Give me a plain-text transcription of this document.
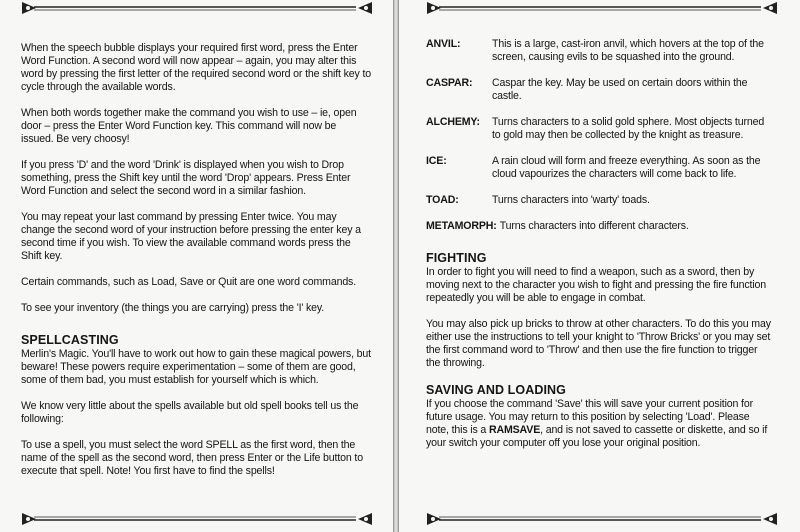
When the speech bubble displays your required first word, press the Enter Word Function. A second word will now appear – again, you may alter this word by pressing the first letter of the required second word or the shift key to cycle through the available words.

When both words together make the command you wish to use – ie, open door – press the Enter Word Function key. This command will now be issued. Be very choosy!

If you press 'D' and the word 'Drink' is displayed when you wish to Drop something, press the Shift key until the word 'Drop' appears. Press Enter Word Function and select the second word in a similar fashion.

You may repeat your last command by pressing Enter twice. You may change the second word of your instruction before pressing the enter key a second time if you wish. To view the available command words press the Shift key.

Certain commands, such as Load, Save or Quit are one word commands.

To see your inventory (the things you are carrying) press the 'I' key.

SPELLCASTING

Merlin's Magic. You'll have to work out how to gain these magical powers, but beware! These powers require experimentation – some of them are good, some of them bad, you must establish for yourself which is which.

We know very little about the spells available but old spell books tell us the following:

To use a spell, you must select the word SPELL as the first word, then the name of the spell as the second word, then press Enter or the Life button to execute that spell. Note! You first have to find the spells!

ANVIL:	This is a large, cast-iron anvil, which hovers at the top of the screen, causing evils to be squashed into the ground.
CASPAR:	Caspar the key. May be used on certain doors within the castle.
ALCHEMY:	Turns characters to a solid gold sphere. Most objects turned to gold may then be collected by the knight as treasure.
ICE:	A rain cloud will form and freeze everything. As soon as the cloud vapourizes the characters will come back to life.
TOAD:	Turns characters into 'warty' toads.
METAMORPH: Turns characters into different characters.
FIGHTING

In order to fight you will need to find a weapon, such as a sword, then by moving next to the character you wish to fight and pressing the fire function repeatedly you will be able to engage in combat.

You may also pick up bricks to throw at other characters. To do this you may either use the instructions to tell your knight to 'Throw Bricks' or you may set the first command word to 'Throw' and then use the fire function to trigger the throwing.

SAVING AND LOADING

If you choose the command 'Save' this will save your current position for future usage. You may return to this position by selecting 'Load'. Please note, this is a RAMSAVE, and is not saved to cassette or diskette, and so if your switch your computer off you lose your original position.
